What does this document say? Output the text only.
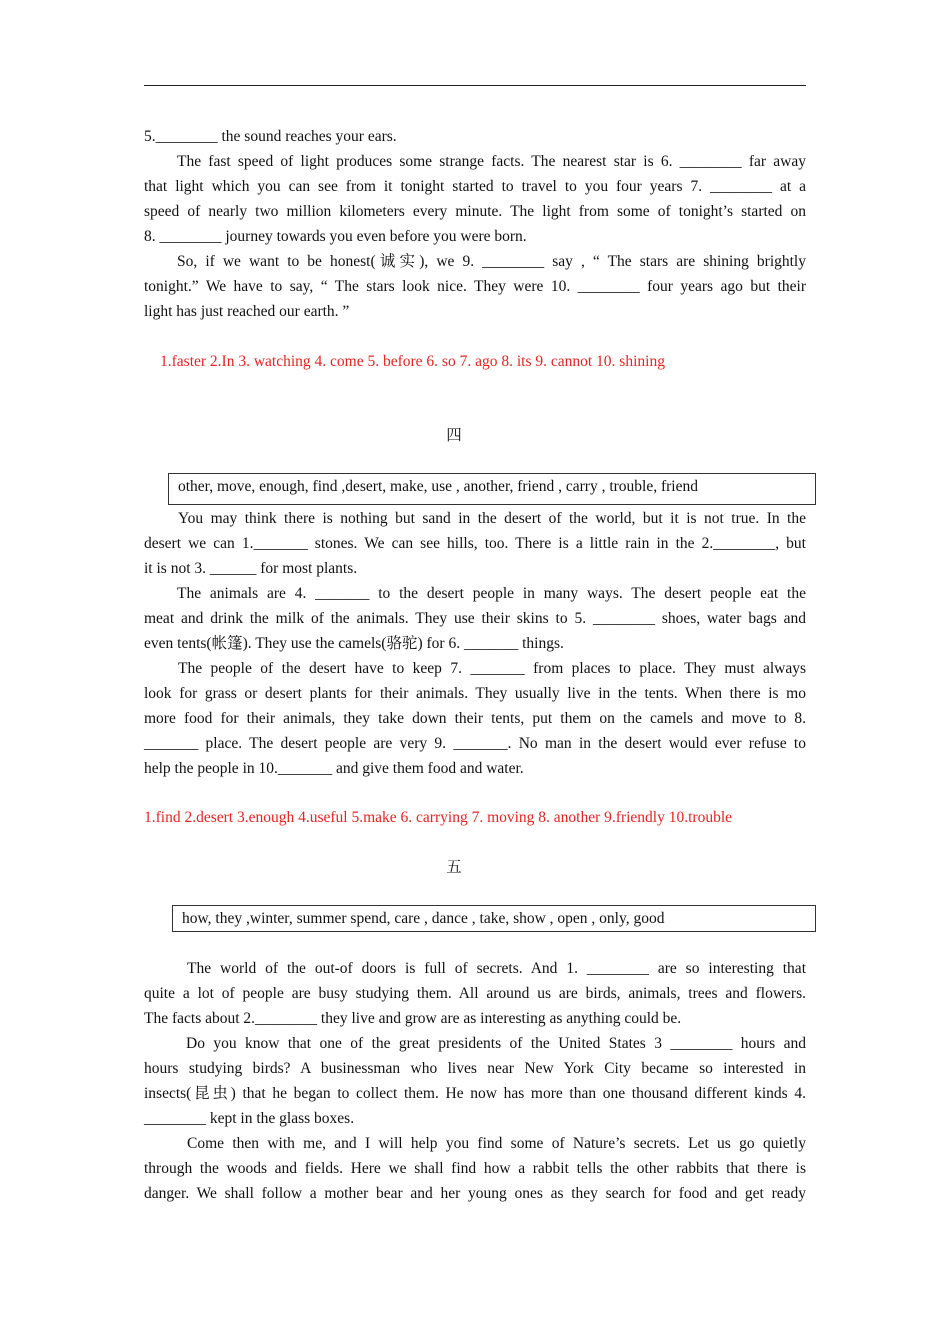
5.________ the sound reaches your ears.
The fast speed of light produces some strange facts. The nearest star is 6. ________ far away
that light which you can see from it tonight started to travel to you four years 7. ________ at a
speed of nearly two million kilometers every minute. The light from some of tonight’s started on
8. ________ journey towards you even before you were born.
So, if we want to be honest(诚实), we 9. ________ say , “ The stars are shining brightly
tonight.” We have to say, “ The stars look nice. They were 10. ________ four years ago but their
light has just reached our earth. ”
1.faster 2.In 3. watching 4. come 5. before 6. so 7. ago 8. its 9. cannot 10. shining
四
other, move, enough, find ,desert, make, use , another, friend , carry , trouble, friend
You may think there is nothing but sand in the desert of the world, but it is not true. In the
desert we can 1._______ stones. We can see hills, too. There is a little rain in the 2.________, but
it is not 3. ______ for most plants.
The animals are 4. _______ to the desert people in many ways. The desert people eat the
meat and drink the milk of the animals. They use their skins to 5. ________ shoes, water bags and
even tents(帐篷). They use the camels(骆驼) for 6. _______ things.
The people of the desert have to keep 7. _______ from places to place. They must always
look for grass or desert plants for their animals. They usually live in the tents. When there is mo
more food for their animals, they take down their tents, put them on the camels and move to 8.
_______ place. The desert people are very 9. _______. No man in the desert would ever refuse to
help the people in 10._______ and give them food and water.
1.find 2.desert 3.enough 4.useful 5.make 6. carrying 7. moving 8. another 9.friendly 10.trouble
五
how, they ,winter, summer spend, care , dance , take, show , open , only, good
The world of the out-of doors is full of secrets. And 1. ________ are so interesting that
quite a lot of people are busy studying them. All around us are birds, animals, trees and flowers.
The facts about 2.________ they live and grow are as interesting as anything could be.
Do you know that one of the great presidents of the United States 3 ________ hours and
hours studying birds? A businessman who lives near New York City became so interested in
insects(昆虫) that he began to collect them. He now has more than one thousand different kinds 4.
________ kept in the glass boxes.
Come then with me, and I will help you find some of Nature’s secrets. Let us go quietly
through the woods and fields. Here we shall find how a rabbit tells the other rabbits that there is
danger. We shall follow a mother bear and her young ones as they search for food and get ready
